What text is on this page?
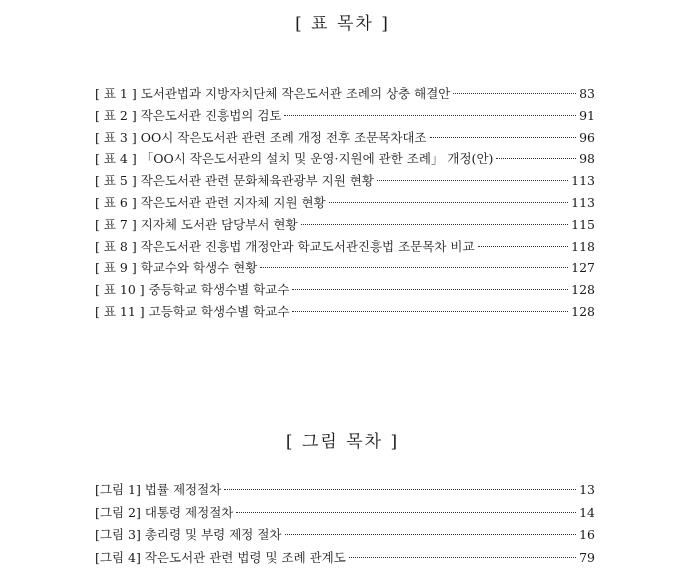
[ 표 목차 ]
[ 표 1 ] 도서관법과 지방자치단체 작은도서관 조례의 상충 해결안	83
[ 표 2 ] 작은도서관 진흥법의 검토	91
[ 표 3 ] OO시 작은도서관 관련 조례 개정 전후 조문목차대조	96
[ 표 4 ] 「OO시 작은도서관의 설치 및 운영·지원에 관한 조례」 개정(안)	98
[ 표 5 ] 작은도서관 관련 문화체육관광부 지원 현황	113
[ 표 6 ] 작은도서관 관련 지자체 지원 현황	113
[ 표 7 ] 지자체 도서관 담당부서 현황	115
[ 표 8 ] 작은도서관 진흥법 개정안과 학교도서관진흥법 조문목차 비교	118
[ 표 9 ] 학교수와 학생수 현황	127
[ 표 10 ] 중등학교 학생수별 학교수	128
[ 표 11 ] 고등학교 학생수별 학교수	128
[ 그림 목차 ]
[그림 1] 법률 제정절차	13
[그림 2] 대통령 제정절차	14
[그림 3] 총리령 및 부령 제정 절차	16
[그림 4] 작은도서관 관련 법령 및 조례 관계도	79
